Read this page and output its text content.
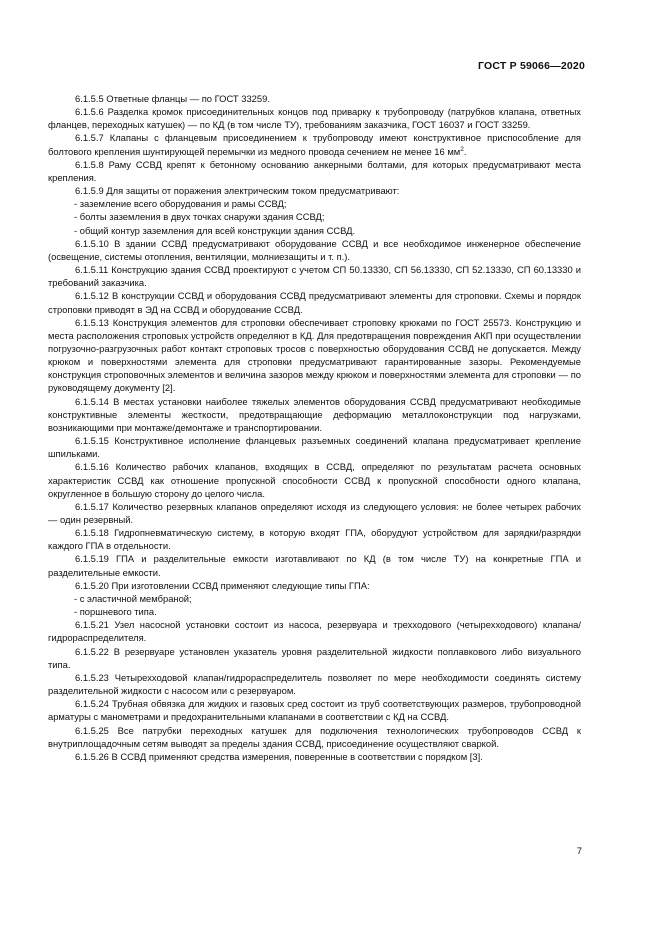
ГОСТ Р 59066—2020

6.1.5.5 Ответные фланцы — по ГОСТ 33259.

6.1.5.6 Разделка кромок присоединительных концов под приварку к трубопроводу (патрубков клапана, ответных фланцев, переходных катушек) — по КД (в том числе ТУ), требованиям заказчика, ГОСТ 16037 и ГОСТ 33259.

6.1.5.7 Клапаны с фланцевым присоединением к трубопроводу имеют конструктивное приспособление для болтового крепления шунтирующей перемычки из медного провода сечением не менее 16 $мм^2$.

6.1.5.8 Раму ССВД крепят к бетонному основанию анкерными болтами, для которых предусматривают места крепления.

6.1.5.9 Для защиты от поражения электрическим током предусматривают:

- заземление всего оборудования и рамы ССВД;

- болты заземления в двух точках снаружи здания ССВД;

- общий контур заземления для всей конструкции здания ССВД.

6.1.5.10 В здании ССВД предусматривают оборудование ССВД и все необходимое инженерное обеспечение (освещение, системы отопления, вентиляции, молниезащиты и т. п.).

6.1.5.11 Конструкцию здания ССВД проектируют с учетом СП 50.13330, СП 56.13330, СП 52.13330, СП 60.13330 и требований заказчика.

6.1.5.12 В конструкции ССВД и оборудования ССВД предусматривают элементы для строповки. Схемы и порядок строповки приводят в ЭД на ССВД и оборудование ССВД.

6.1.5.13 Конструкция элементов для строповки обеспечивает строповку крюками по ГОСТ 25573. Конструкцию и места расположения строповых устройств определяют в КД. Для предотвращения повреждения АКП при осуществлении погрузочно-разгрузочных работ контакт строповых тросов с поверхностью оборудования ССВД не допускается. Между крюком и поверхностями элемента для строповки предусматривают гарантированные зазоры. Рекомендуемые конструкция строповочных элементов и величина зазоров между крюком и поверхностями элемента для строповки — по руководящему документу [2].

6.1.5.14 В местах установки наиболее тяжелых элементов оборудования ССВД предусматривают необходимые конструктивные элементы жесткости, предотвращающие деформацию металлоконструкции под нагрузками, возникающими при монтаже/демонтаже и транспортировании.

6.1.5.15 Конструктивное исполнение фланцевых разъемных соединений клапана предусматривает крепление шпильками.

6.1.5.16 Количество рабочих клапанов, входящих в ССВД, определяют по результатам расчета основных характеристик ССВД как отношение пропускной способности ССВД к пропускной способности одного клапана, округленное в большую сторону до целого числа.

6.1.5.17 Количество резервных клапанов определяют исходя из следующего условия: не более четырех рабочих — один резервный.

6.1.5.18 Гидропневматическую систему, в которую входят ГПА, оборудуют устройством для зарядки/разрядки каждого ГПА в отдельности.

6.1.5.19 ГПА и разделительные емкости изготавливают по КД (в том числе ТУ) на конкретные ГПА и разделительные емкости.

6.1.5.20 При изготовлении ССВД применяют следующие типы ГПА:

- с эластичной мембраной;

- поршневого типа.

6.1.5.21 Узел насосной установки состоит из насоса, резервуара и трехходового (четырехходового) клапана/гидрораспределителя.

6.1.5.22 В резервуаре установлен указатель уровня разделительной жидкости поплавкового либо визуального типа.

6.1.5.23 Четырехходовой клапан/гидрораспределитель позволяет по мере необходимости соединять систему разделительной жидкости с насосом или с резервуаром.

6.1.5.24 Трубная обвязка для жидких и газовых сред состоит из труб соответствующих размеров, трубопроводной арматуры с манометрами и предохранительными клапанами в соответствии с КД на ССВД.

6.1.5.25 Все патрубки переходных катушек для подключения технологических трубопроводов ССВД к внутриплощадочным сетям выводят за пределы здания ССВД, присоединение осуществляют сваркой.

6.1.5.26 В ССВД применяют средства измерения, поверенные в соответствии с порядком [3].

7
